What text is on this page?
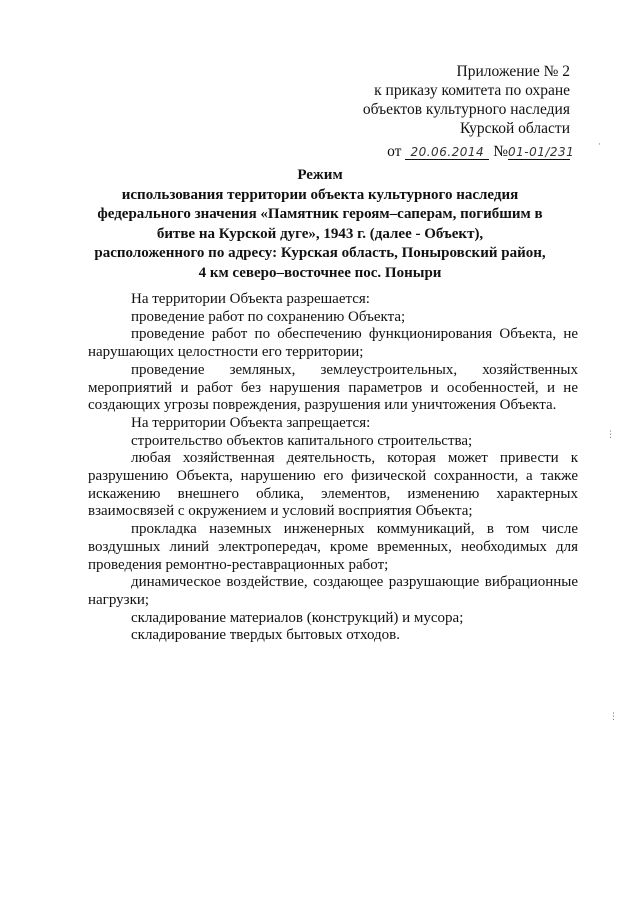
Приложение № 2
к приказу комитета по охране
объектов культурного наследия
Курской области
от 20.06.2014 №01-01/231
Режим
использования территории объекта культурного наследия
федерального значения «Памятник героям–саперам, погибшим в
битве на Курской дуге», 1943 г. (далее - Объект),
расположенного по адресу: Курская область, Поныровский район,
4 км северо–восточнее пос. Поныри

На территории Объекта разрешается:

проведение работ по сохранению Объекта;

проведение работ по обеспечению функционирования Объекта, не нарушающих целостности его территории;

проведение земляных, землеустроительных, хозяйственных мероприятий и работ без нарушения параметров и особенностей, и не создающих угрозы повреждения, разрушения или уничтожения Объекта.

На территории Объекта запрещается:

строительство объектов капитального строительства;

любая хозяйственная деятельность, которая может привести к разрушению Объекта, нарушению его физической сохранности, а также искажению внешнего облика, элементов, изменению характерных взаимосвязей с окружением и условий восприятия Объекта;

прокладка наземных инженерных коммуникаций, в том числе воздушных линий электропередач, кроме временных, необходимых для проведения ремонтно-реставрационных работ;

динамическое воздействие, создающее разрушающие вибрационные нагрузки;

складирование материалов (конструкций) и мусора;

складирование твердых бытовых отходов.

·
⋮
⋮
